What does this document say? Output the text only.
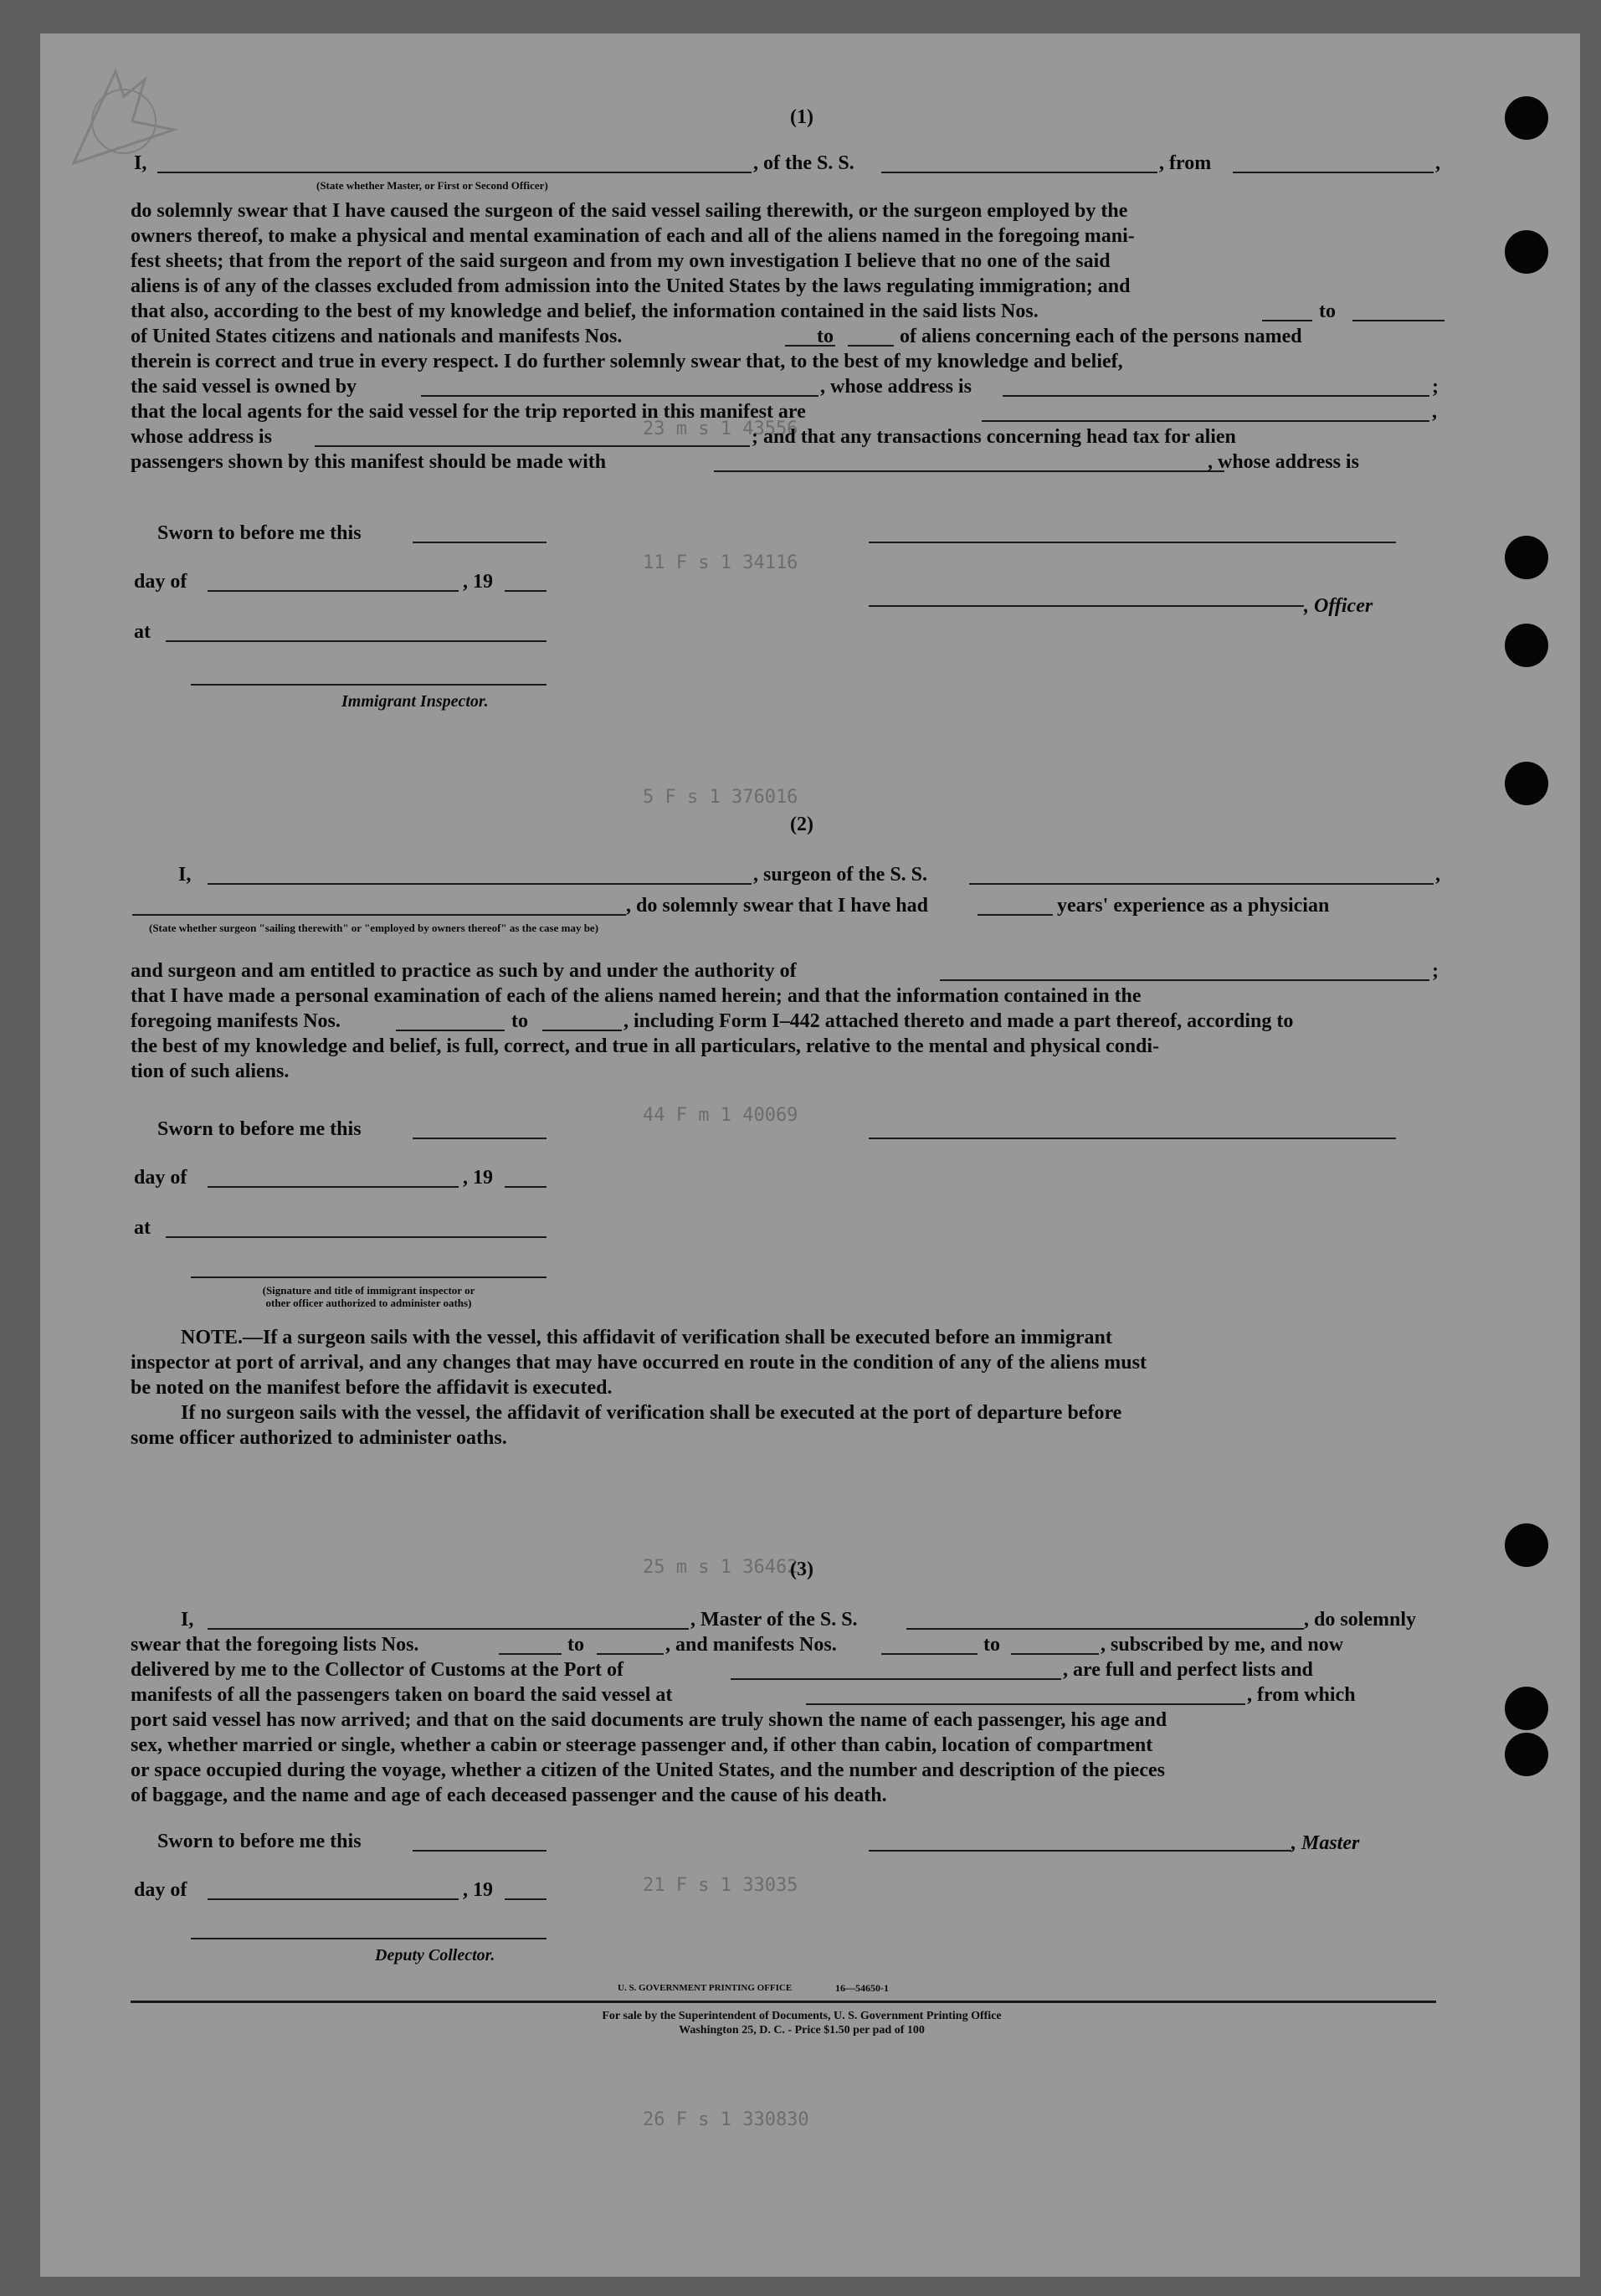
23 m s 1 43556
11 F s 1 34116
5 F s 1 376016
44 F m 1 40069
25 m s 1 36462
21 F s 1 33035
26 F s 1 330830
(1)
I,	, of the S. S.	, from	,
(State whether Master, or First or Second Officer)
do solemnly swear that I have caused the surgeon of the said vessel sailing therewith, or the surgeon employed by the
owners thereof, to make a physical and mental examination of each and all of the aliens named in the foregoing mani-
fest sheets; that from the report of the said surgeon and from my own investigation I believe that no one of the said
aliens is of any of the classes excluded from admission into the United States by the laws regulating immigration; and
that also, according to the best of my knowledge and belief, the information contained in the said lists Nos.	to
of United States citizens and nationals and manifests Nos.	to	of aliens concerning each of the persons named
therein is correct and true in every respect. I do further solemnly swear that, to the best of my knowledge and belief,
the said vessel is owned by	, whose address is	;
that the local agents for the said vessel for the trip reported in this manifest are	,
whose address is	; and that any transactions concerning head tax for alien
passengers shown by this manifest should be made with	, whose address is
Sworn to before me this
day of	, 19
, Officer
at
Immigrant Inspector.
(2)
I,	, surgeon of the S. S.	,
, do solemnly swear that I have had	years' experience as a physician
(State whether surgeon "sailing therewith" or "employed by owners thereof" as the case may be)
and surgeon and am entitled to practice as such by and under the authority of	;
that I have made a personal examination of each of the aliens named herein; and that the information contained in the
foregoing manifests Nos.	to	, including Form I–442 attached thereto and made a part thereof, according to
the best of my knowledge and belief, is full, correct, and true in all particulars, relative to the mental and physical condi-
tion of such aliens.
Sworn to before me this
day of	, 19
at
(Signature and title of immigrant inspector or
other officer authorized to administer oaths)
NOTE.—If a surgeon sails with the vessel, this affidavit of verification shall be executed before an immigrant
inspector at port of arrival, and any changes that may have occurred en route in the condition of any of the aliens must
be noted on the manifest before the affidavit is executed.
If no surgeon sails with the vessel, the affidavit of verification shall be executed at the port of departure before
some officer authorized to administer oaths.
(3)
I,	, Master of the S. S.	, do solemnly
swear that the foregoing lists Nos.	to	, and manifests Nos.	to	, subscribed by me, and now
delivered by me to the Collector of Customs at the Port of	, are full and perfect lists and
manifests of all the passengers taken on board the said vessel at	, from which
port said vessel has now arrived; and that on the said documents are truly shown the name of each passenger, his age and
sex, whether married or single, whether a cabin or steerage passenger and, if other than cabin, location of compartment
or space occupied during the voyage, whether a citizen of the United States, and the number and description of the pieces
of baggage, and the name and age of each deceased passenger and the cause of his death.
Sworn to before me this	, Master
day of	, 19
Deputy Collector.
U. S. GOVERNMENT PRINTING OFFICE	16—54650-1
For sale by the Superintendent of Documents, U. S. Government Printing Office
Washington 25, D. C. - Price $1.50 per pad of 100
